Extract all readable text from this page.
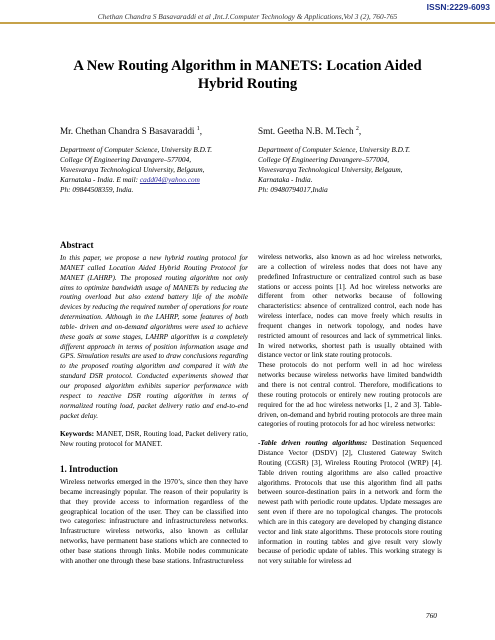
ISSN:2229-6093
Chethan Chandra S Basavaraddi et al ,Int.J.Computer Technology & Applications,Vol 3 (2), 760-765
A New Routing Algorithm in MANETS: Location Aided
Hybrid Routing
Mr. Chethan Chandra S Basavaraddi $^1$,	Smt. Geetha N.B. M.Tech $^2$,
Department of Computer Science, University B.D.T.
College Of Engineering Davangere–577004,
Visvesvaraya Technological University, Belgaum,
Karnataka - India. E mail: cadd04@yahoo.com
Ph: 09844508359, India.
Department of Computer Science, University B.D.T.
College Of Engineering Davangere–577004,
Visvesvaraya Technological University, Belgaum,
Karnataka - India.
Ph: 09480794017,India
Abstract

In this paper, we propose a new hybrid routing protocol for MANET called Location Aided Hybrid Routing Protocol for MANET (LAHRP). The proposed routing algorithm not only aims to optimize bandwidth usage of MANETs by reducing the routing overload but also extend battery life of the mobile devices by reducing the required number of operations for route determination. Although in the LAHRP, some features of both table- driven and on-demand algorithms were used to achieve these goals at some stages, LAHRP algorithm is a completely different approach in terms of position information usage and GPS. Simulation results are used to draw conclusions regarding to the proposed routing algorithm and compared it with the standard DSR protocol. Conducted experiments showed that our proposed algorithm exhibits superior performance with respect to reactive DSR routing algorithm in terms of normalized routing load, packet delivery ratio and end-to-end packet delay.

Keywords: MANET, DSR, Routing load, Packet delivery ratio, New routing protocol for MANET.

1. Introduction

Wireless networks emerged in the 1970’s, since then they have became increasingly popular. The reason of their popularity is that they provide access to information regardless of the geographical location of the user. They can be classified into two categories: infrastructure and infrastructureless networks. Infrastructure wireless networks, also known as cellular networks, have permanent base stations which are connected to other base stations through links. Mobile nodes communicate with another one through these base stations. Infrastructureless

wireless networks, also known as ad hoc wireless networks, are a collection of wireless nodes that does not have any predefined Infrastructure or centralized control such as base stations or access points [1]. Ad hoc wireless networks are different from other networks because of following characteristics: absence of centralized control, each node has wireless interface, nodes can move freely which results in frequent changes in network topology, and nodes have restricted amount of resources and lack of symmetrical links. In wired networks, shortest path is usually obtained with distance vector or link state routing protocols.

These protocols do not perform well in ad hoc wireless networks because wireless networks have limited bandwidth and there is not central control. Therefore, modifications to these routing protocols or entirely new routing protocols are required for the ad hoc wireless networks [1, 2 and 3]. Table-driven, on-demand and hybrid routing protocols are three main categories of routing protocols for ad hoc wireless networks:

-Table driven routing algorithms: Destination Sequenced Distance Vector (DSDV) [2], Clustered Gateway Switch Routing (CGSR) [3], Wireless Routing Protocol (WRP) [4]. Table driven routing algorithms are also called proactive algorithms. Protocols that use this algorithm find all paths between source-destination pairs in a network and form the newest path with periodic route updates. Update messages are sent even if there are no topological changes. The protocols which are in this category are developed by changing distance vector and link state algorithms. These protocols store routing information in routing tables and give result very slowly because of periodic update of tables. This working strategy is not very suitable for wireless ad

760
